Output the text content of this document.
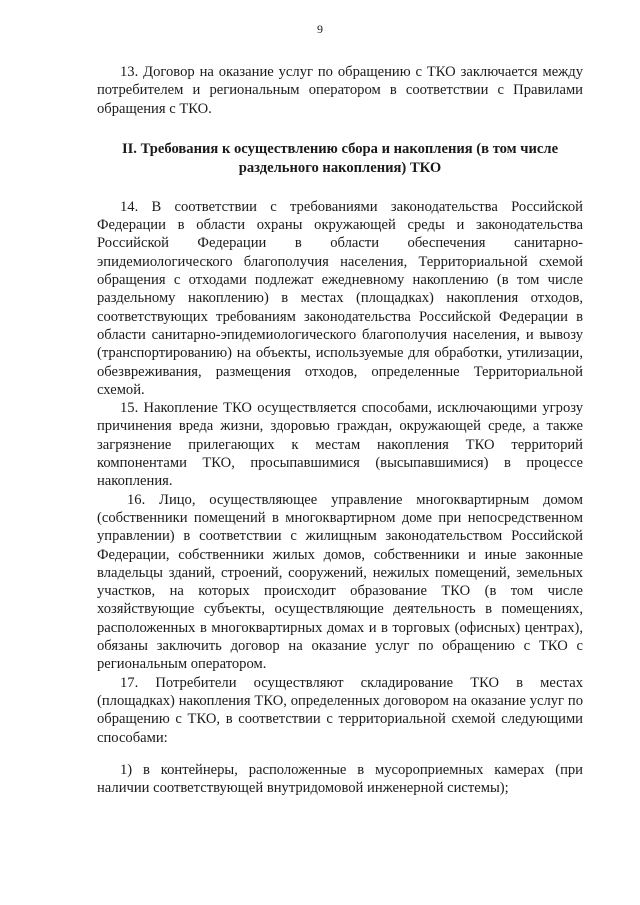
9

13. Договор на оказание услуг по обращению с ТКО заключается между потребителем и региональным оператором в соответствии с Правилами обращения с ТКО.

II. Требования к осуществлению сбора и накопления (в том числе раздельного накопления) ТКО

14. В соответствии с требованиями законодательства Российской Федерации в области охраны окружающей среды и законодательства Российской Федерации в области обеспечения санитарно-эпидемиологического благополучия населения, Территориальной схемой обращения с отходами подлежат ежедневному накоплению (в том числе раздельному накоплению) в местах (площадках) накопления отходов, соответствующих требованиям законодательства Российской Федерации в области санитарно-эпидемиологического благополучия населения, и вывозу (транспортированию) на объекты, используемые для обработки, утилизации, обезвреживания, размещения отходов, определенные Территориальной схемой.

15. Накопление ТКО осуществляется способами, исключающими угрозу причинения вреда жизни, здоровью граждан, окружающей среде, а также загрязнение прилегающих к местам накопления ТКО территорий компонентами ТКО, просыпавшимися (высыпавшимися) в процессе накопления.

16. Лицо, осуществляющее управление многоквартирным домом (собственники помещений в многоквартирном доме при непосредственном управлении) в соответствии с жилищным законодательством Российской Федерации, собственники жилых домов, собственники и иные законные владельцы зданий, строений, сооружений, нежилых помещений, земельных участков, на которых происходит образование ТКО (в том числе хозяйствующие субъекты, осуществляющие деятельность в помещениях, расположенных в многоквартирных домах и в торговых (офисных) центрах), обязаны заключить договор на оказание услуг по обращению с ТКО с региональным оператором.

17. Потребители осуществляют складирование ТКО в местах (площадках) накопления ТКО, определенных договором на оказание услуг по обращению с ТКО, в соответствии с территориальной схемой следующими способами:

1) в контейнеры, расположенные в мусороприемных камерах (при наличии соответствующей внутридомовой инженерной системы);
